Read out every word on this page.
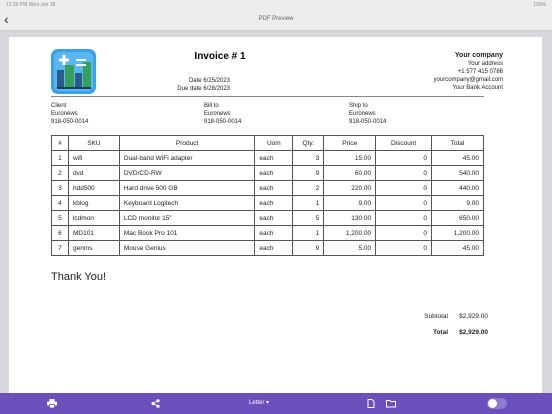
12:36 PM Wed Jun 28	100%
‹	PDF Preview
Invoice # 1
Date 6/25/2023
Due date 6/28/2023
Your company
Your address
+1 577 415 0786
yourcompany@gmail.com
Your Bank Account
Client
Euronews
918-050-0014
Bill to
Euronews
918-050-0014
Ship to
Euronews
918-050-0014
#	SKU	Product	Uom	Qty.	Price	Discount	Total
1	wifi	Dual-band WiFi adapter	each	3	15.00	0	45.00
2	dvd	DVD/CD-RW	each	9	60.00	0	540.00
3	hdd500	Hard drive 500 GB	each	2	220.00	0	440.00
4	kblog	Keyboard Logitech	each	1	9.00	0	9.00
5	lcdmon	LCD monitor 15"	each	5	130.00	0	650.00
6	MD101	Mac Book Pro 101	each	1	1,200.00	0	1,200.00
7	genms	Mouse Genius	each	9	5.00	0	45.00
Thank You!
Subtotal $2,929.00
Total $2,929.00
Letter ▾
